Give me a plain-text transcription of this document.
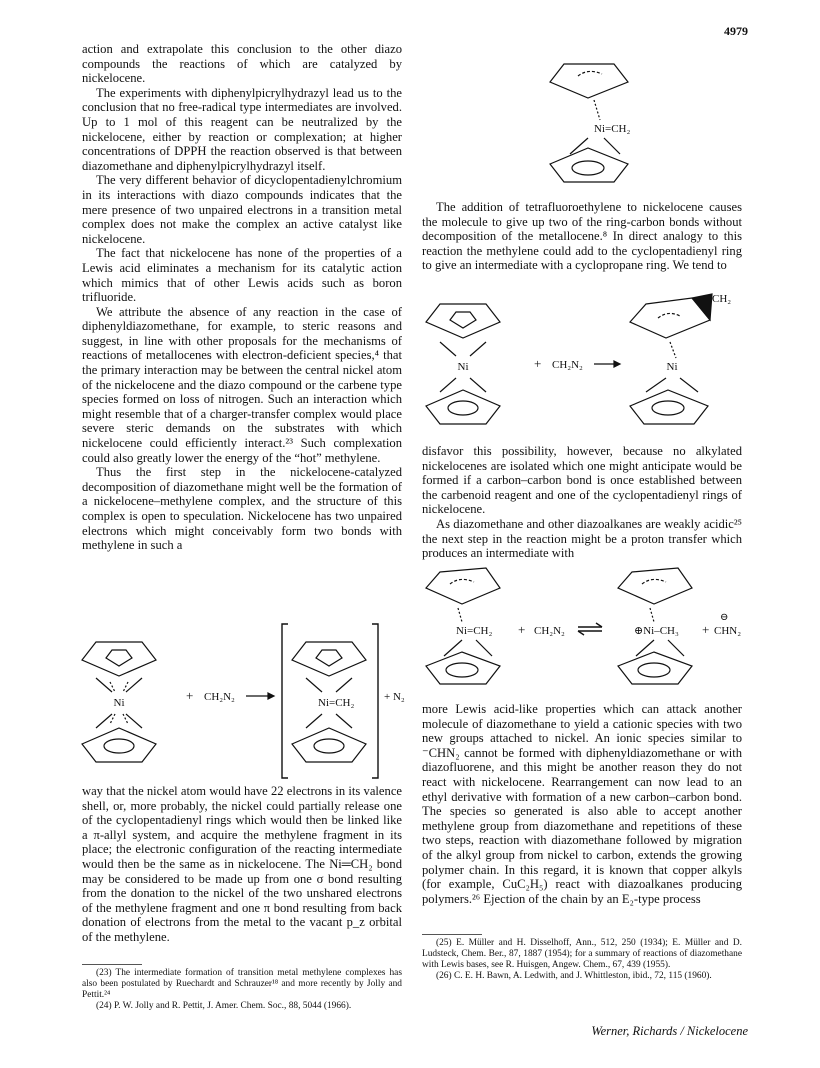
4979

action and extrapolate this conclusion to the other diazo compounds the reactions of which are catalyzed by nickelocene.

The experiments with diphenylpicrylhydrazyl lead us to the conclusion that no free-radical type intermediates are involved. Up to 1 mol of this reagent can be neutralized by the nickelocene, either by reaction or complexation; at higher concentrations of DPPH the reaction observed is that between diazomethane and diphenylpicrylhydrazyl itself.

The very different behavior of dicyclopentadienylchromium in its interactions with diazo compounds indicates that the mere presence of two unpaired electrons in a transition metal complex does not make the complex an active catalyst like nickelocene.

The fact that nickelocene has none of the properties of a Lewis acid eliminates a mechanism for its catalytic action which mimics that of other Lewis acids such as boron trifluoride.

We attribute the absence of any reaction in the case of diphenyldiazomethane, for example, to steric reasons and suggest, in line with other proposals for the mechanisms of reactions of metallocenes with electron-deficient species,⁴ that the primary interaction may be between the central nickel atom of the nickelocene and the diazo compound or the carbene type species formed on loss of nitrogen. Such an interaction which might resemble that of a charger-transfer complex would place severe steric demands on the substrates with which nickelocene could efficiently interact.²³ Such complexation could also greatly lower the energy of the “hot” methylene.

Thus the first step in the nickelocene-catalyzed decomposition of diazomethane might well be the formation of a nickelocene–methylene complex, and the structure of this complex is open to speculation. Nickelocene has two unpaired electrons which might conceivably form two bonds with methylene in such a

Ni	+ CH₂N₂	Ni=CH₂	+ N₂

way that the nickel atom would have 22 electrons in its valence shell, or, more probably, the nickel could partially release one of the cyclopentadienyl rings which would then be linked like a π-allyl system, and acquire the methylene fragment in its place; the electronic configuration of the reacting intermediate would then be the same as in nickelocene. The Ni═CH₂ bond may be considered to be made up from one σ bond resulting from the donation to the nickel of the two unshared electrons of the methylene fragment and one π bond resulting from back donation of electrons from the metal to the vacant p_z orbital of the methylene.

(23) The intermediate formation of transition metal methylene complexes has also been postulated by Ruechardt and Schrauzer¹⁸ and more recently by Jolly and Pettit.²⁴

(24) P. W. Jolly and R. Pettit, J. Amer. Chem. Soc., 88, 5044 (1966).

Ni=CH₂

The addition of tetrafluoroethylene to nickelocene causes the molecule to give up two of the ring-carbon bonds without decomposition of the metallocene.⁸ In direct analogy to this reaction the methylene could add to the cyclopentadienyl ring to give an intermediate with a cyclopropane ring. We tend to

Ni	+ CH₂N₂
CH₂
Ni

disfavor this possibility, however, because no alkylated nickelocenes are isolated which one might anticipate would be formed if a carbon–carbon bond is once established between the carbenoid reagent and one of the cyclopentadienyl rings of nickelocene.

As diazomethane and other diazoalkanes are weakly acidic²⁵ the next step in the reaction might be a proton transfer which produces an intermediate with

Ni=CH₂ + CH₂N₂	⊕Ni–CH₃ +
⊖
CHN₂

more Lewis acid-like properties which can attack another molecule of diazomethane to yield a cationic species with two new groups attached to nickel. An ionic species similar to ⁻CHN₂ cannot be formed with diphenyldiazomethane or with diazofluorene, and this might be another reason they do not react with nickelocene. Rearrangement can now lead to an ethyl derivative with formation of a new carbon–carbon bond. The species so generated is also able to accept another methylene group from diazomethane and repetitions of these two steps, reaction with diazomethane followed by migration of the alkyl group from nickel to carbon, extends the growing polymer chain. In this regard, it is known that copper alkyls (for example, CuC₂H₅) react with diazoalkanes producing polymers.²⁶ Ejection of the chain by an E₂-type process

(25) E. Müller and H. Disselhoff, Ann., 512, 250 (1934); E. Müller and D. Ludsteck, Chem. Ber., 87, 1887 (1954); for a summary of reactions of diazomethane with Lewis bases, see R. Huisgen, Angew. Chem., 67, 439 (1955).

(26) C. E. H. Bawn, A. Ledwith, and J. Whittleston, ibid., 72, 115 (1960).

Werner, Richards / Nickelocene
